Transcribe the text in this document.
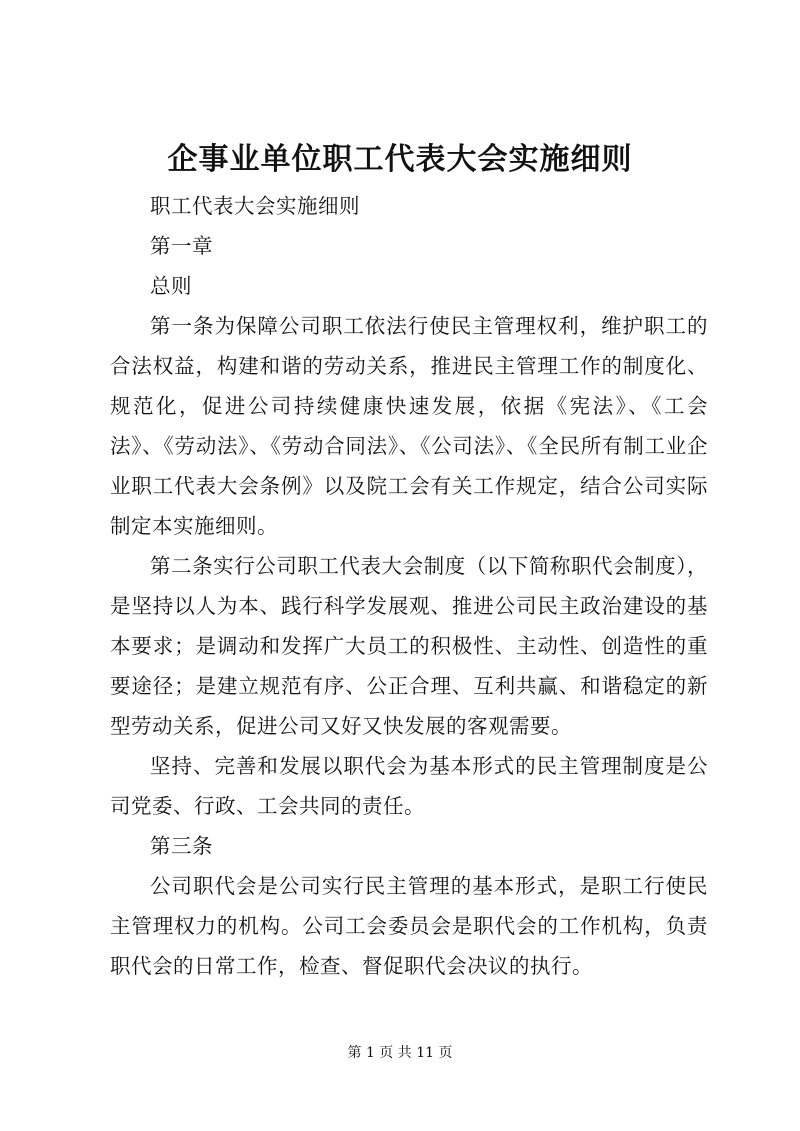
企事业单位职工代表大会实施细则

职工代表大会实施细则

第一章

总则

第一条为保障公司职工依法行使民主管理权利，维护职工的合法权益，构建和谐的劳动关系，推进民主管理工作的制度化、规范化，促进公司持续健康快速发展，依据《宪法》、《工会法》、《劳动法》、《劳动合同法》、《公司法》、《全民所有制工业企业职工代表大会条例》以及院工会有关工作规定，结合公司实际制定本实施细则。

第二条实行公司职工代表大会制度（以下简称职代会制度），是坚持以人为本、践行科学发展观、推进公司民主政治建设的基本要求；是调动和发挥广大员工的积极性、主动性、创造性的重要途径；是建立规范有序、公正合理、互利共赢、和谐稳定的新型劳动关系，促进公司又好又快发展的客观需要。

坚持、完善和发展以职代会为基本形式的民主管理制度是公司党委、行政、工会共同的责任。

第三条

公司职代会是公司实行民主管理的基本形式，是职工行使民主管理权力的机构。公司工会委员会是职代会的工作机构，负责职代会的日常工作，检查、督促职代会决议的执行。

第 1 页 共 11 页
